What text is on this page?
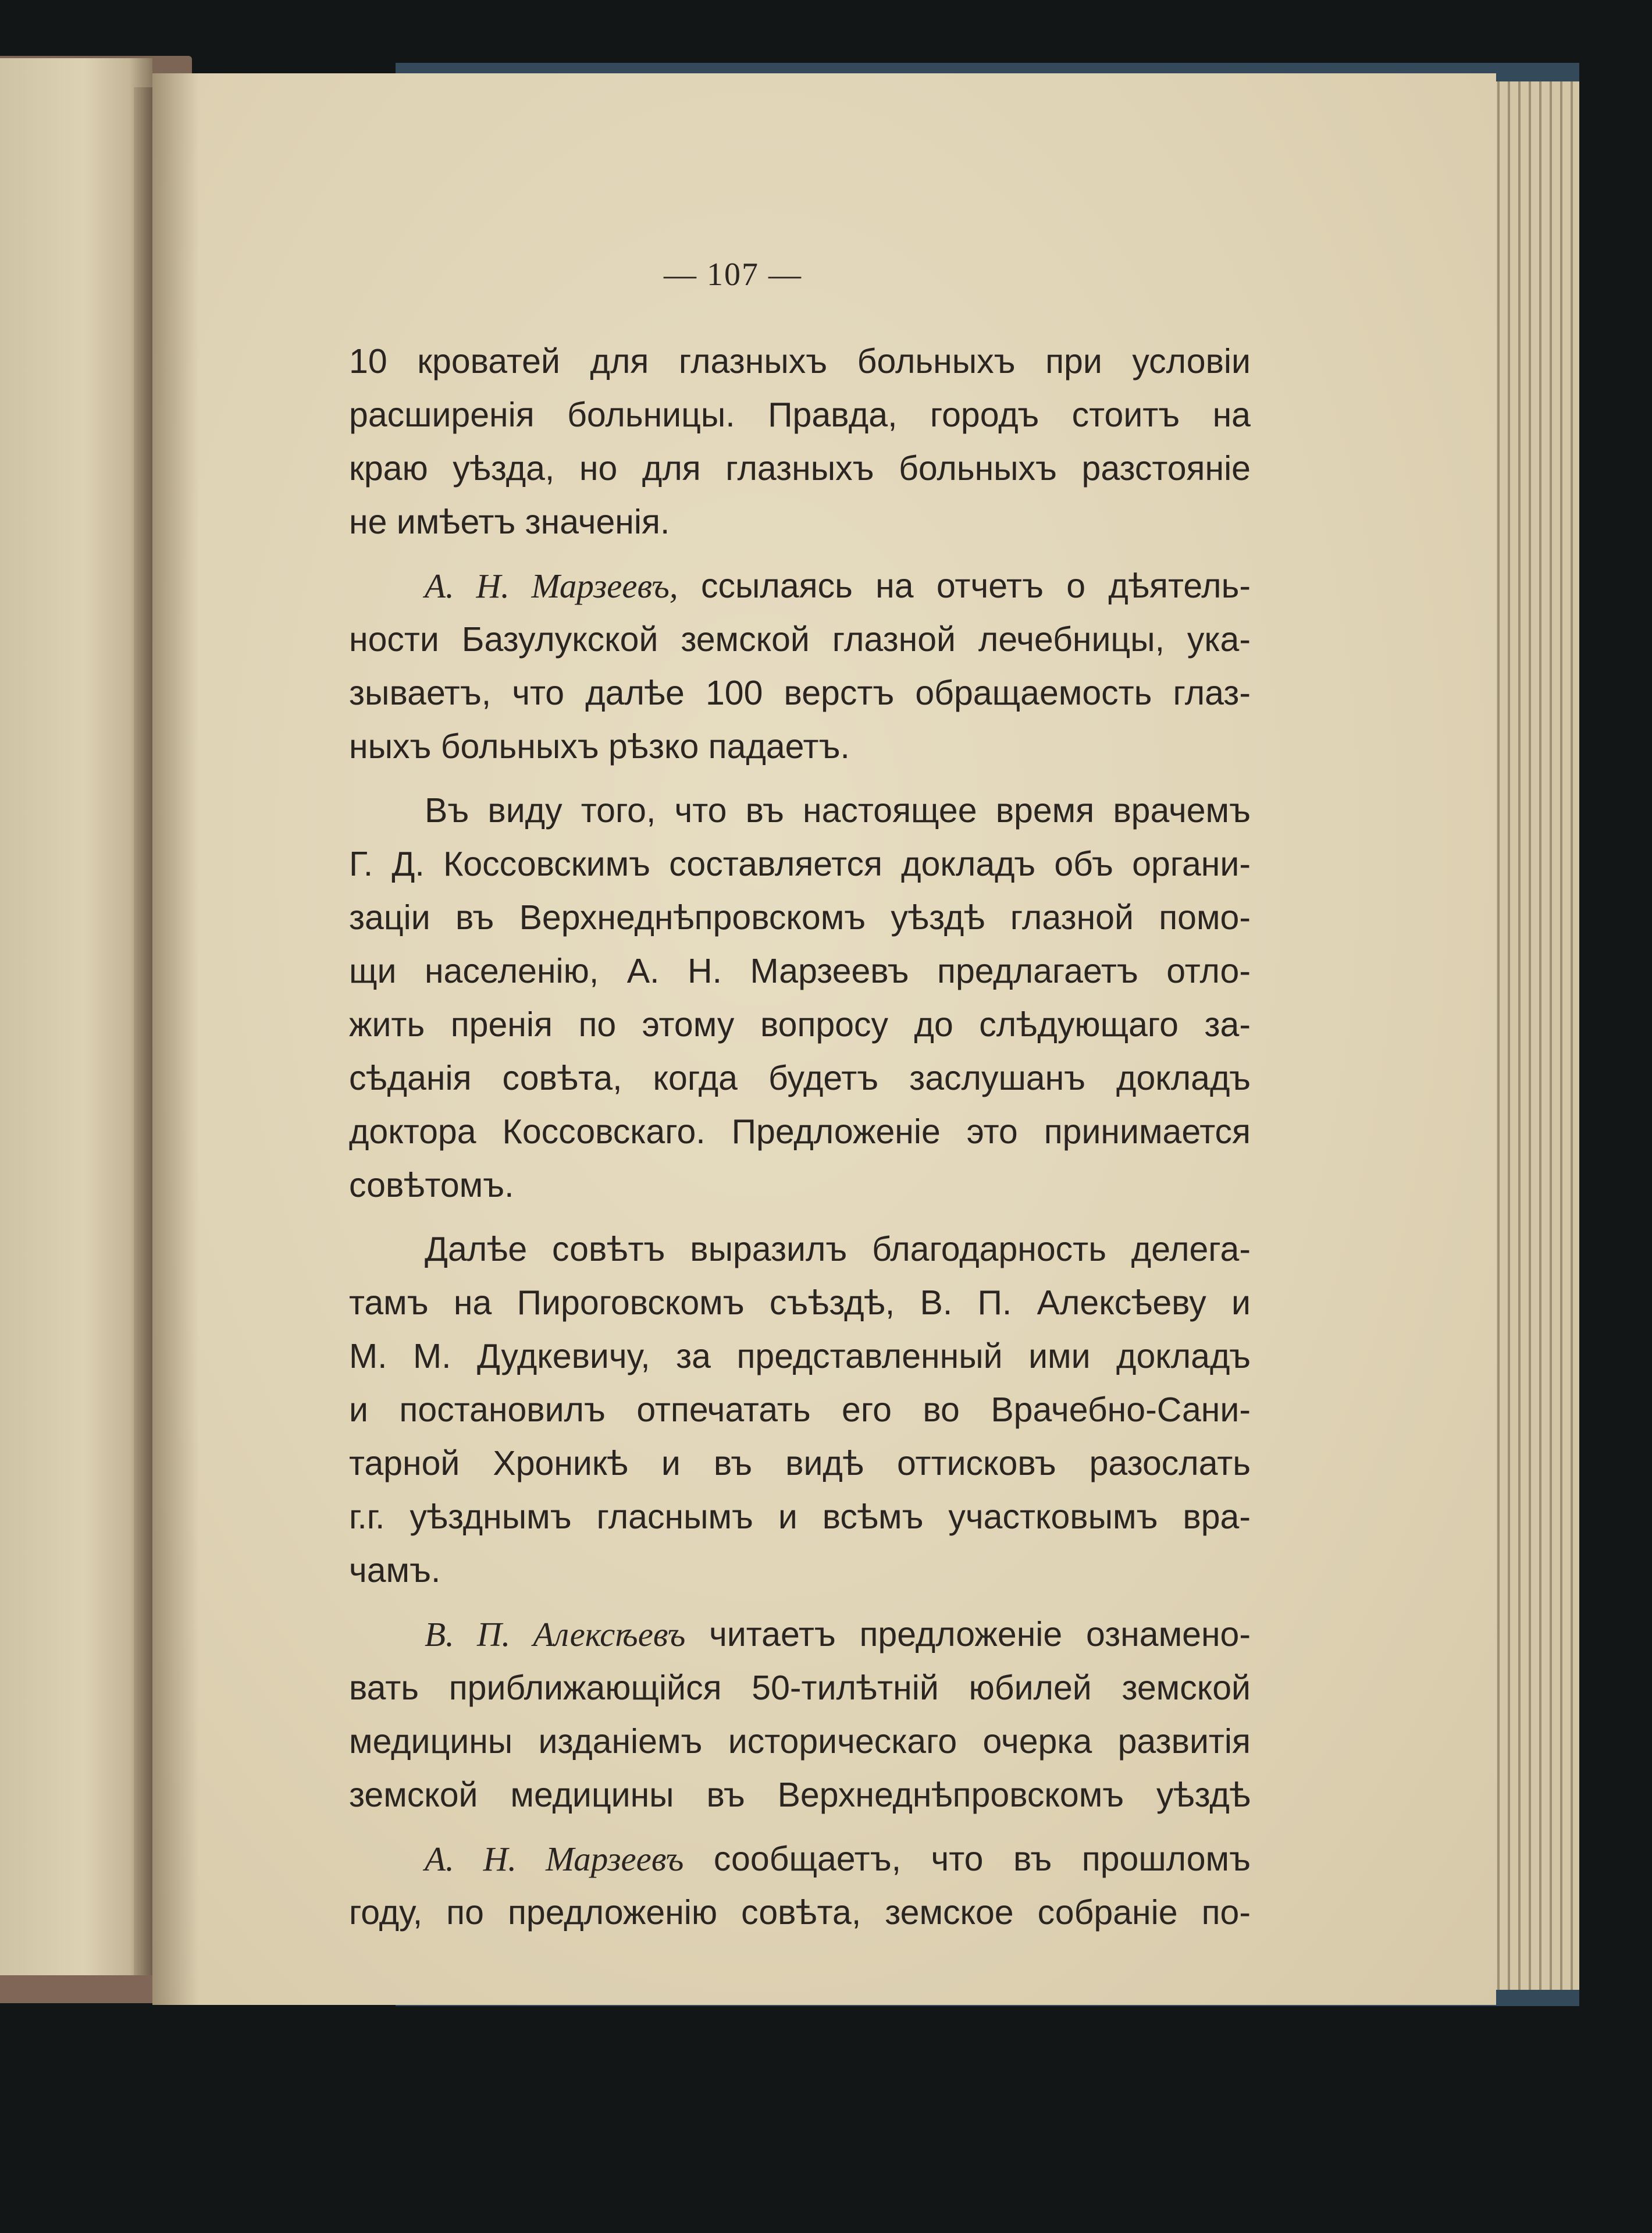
— 107 —
10 кроватей для глазныхъ больныхъ при условіи
расширенія больницы. Правда, городъ стоитъ на
краю уѣзда, но для глазныхъ больныхъ разстояніе
не имѣетъ значенія.
А. Н. Марзеевъ, ссылаясь на отчетъ о дѣятель-
ности Базулукской земской глазной лечебницы, ука-
зываетъ, что далѣе 100 верстъ обращаемость глаз-
ныхъ больныхъ рѣзко падаетъ.
Въ виду того, что въ настоящее время врачемъ
Г. Д. Коссовскимъ составляется докладъ объ органи-
заціи въ Верхнеднѣпровскомъ уѣздѣ глазной помо-
щи населенію, А. Н. Марзеевъ предлагаетъ отло-
жить пренія по этому вопросу до слѣдующаго за-
сѣданія совѣта, когда будетъ заслушанъ докладъ
доктора Коссовскаго. Предложеніе это принимается
совѣтомъ.
Далѣе совѣтъ выразилъ благодарность делега-
тамъ на Пироговскомъ съѣздѣ, В. П. Алексѣеву и
М. М. Дудкевичу, за представленный ими докладъ
и постановилъ отпечатать его во Врачебно-Сани-
тарной Хроникѣ и въ видѣ оттисковъ разослать
г.г. уѣзднымъ гласнымъ и всѣмъ участковымъ вра-
чамъ.
В. П. Алексѣевъ читаетъ предложеніе ознамено-
вать приближающійся 50-тилѣтній юбилей земской
медицины изданіемъ историческаго очерка развитія
земской медицины въ Верхнеднѣпровскомъ уѣздѣ
А. Н. Марзеевъ сообщаетъ, что въ прошломъ
году, по предложенію совѣта, земское собраніе по-
